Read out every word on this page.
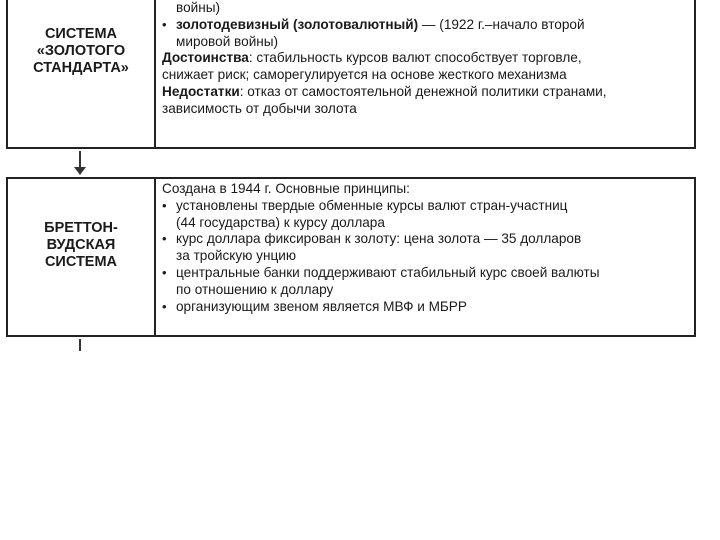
СИСТЕМА
«ЗОЛОТОГО
СТАНДАРТА»
войны)
• золотодевизный (золотовалютный) — (1922 г.–начало второй
мировой войны)
Достоинства: стабильность курсов валют способствует торговле,
снижает риск; саморегулируется на основе жесткого механизма
Недостатки: отказ от самостоятельной денежной политики странами,
зависимость от добычи золота
БРЕТТОН-
ВУДСКАЯ
СИСТЕМА
Создана в 1944 г. Основные принципы:
• установлены твердые обменные курсы валют стран-участниц
(44 государства) к курсу доллара
• курс доллара фиксирован к золоту: цена золота — 35 долларов
за тройскую унцию
• центральные банки поддерживают стабильный курс своей валюты
по отношению к доллару
• организующим звеном является МВФ и МБРР
